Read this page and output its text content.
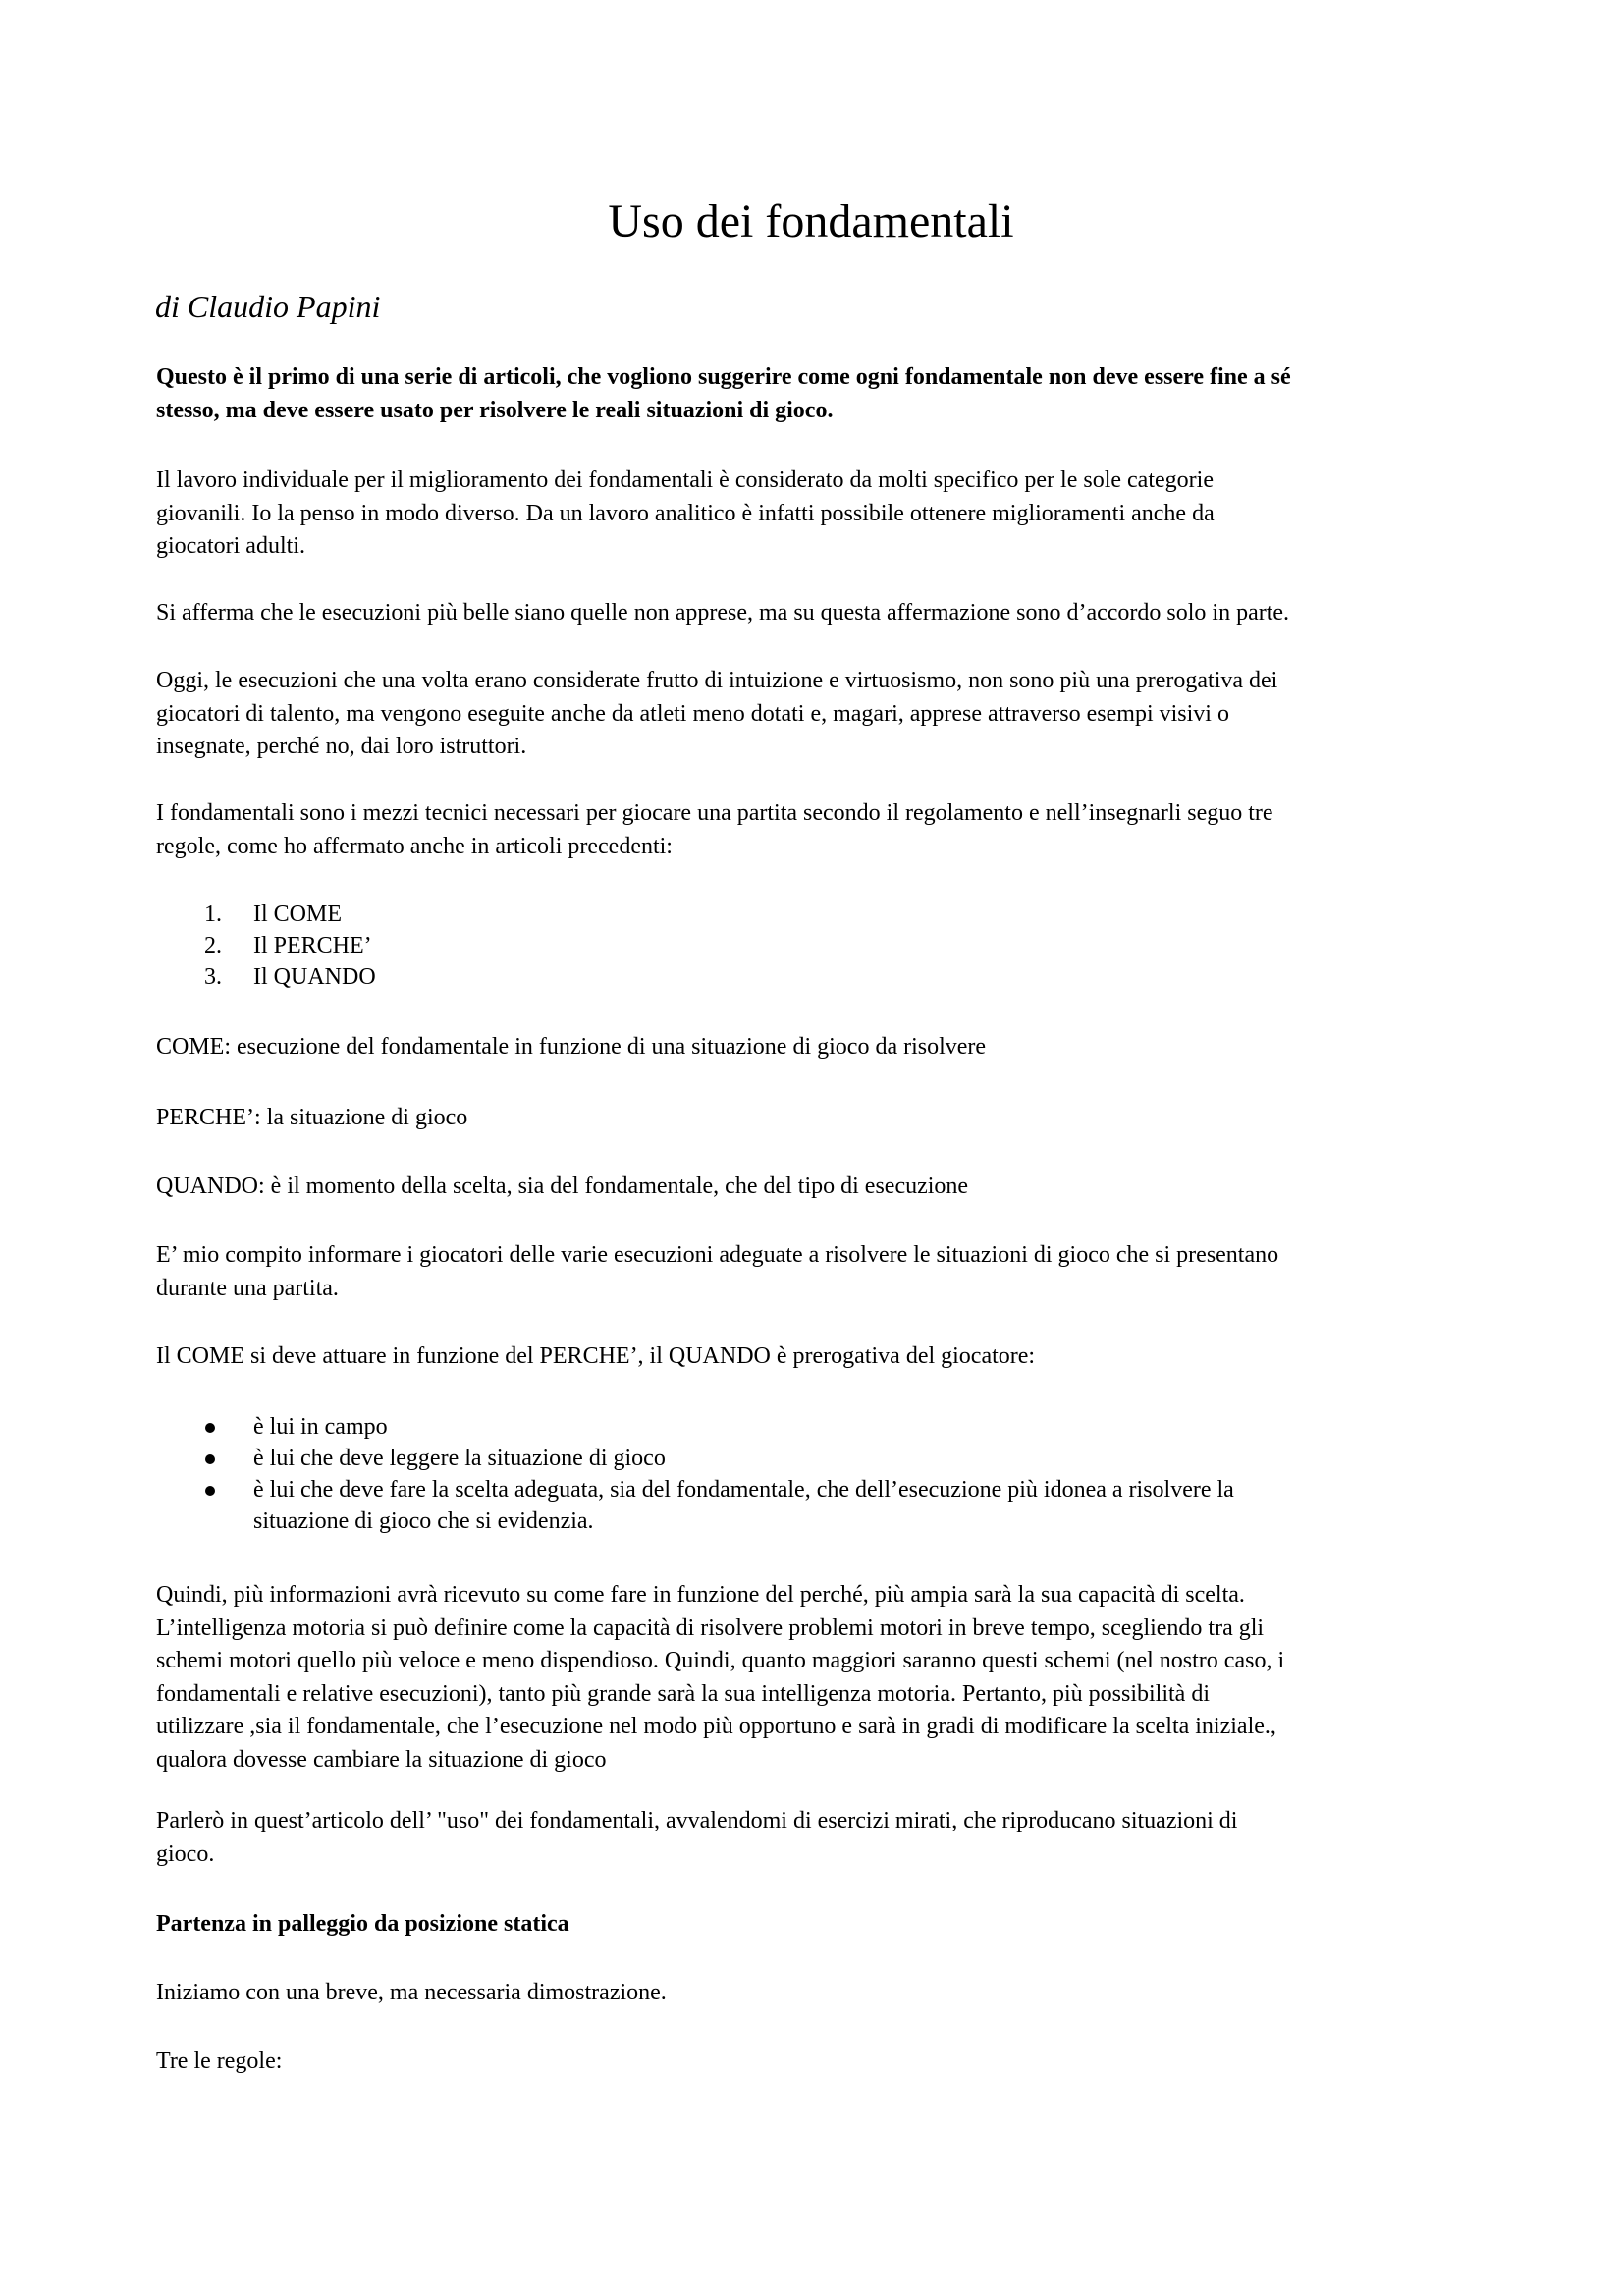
Uso dei fondamentali
di Claudio Papini
Questo è il primo di una serie di articoli, che vogliono suggerire come ogni fondamentale non deve essere fine a sé
stesso, ma deve essere usato per risolvere le reali situazioni di gioco.
Il lavoro individuale per il miglioramento dei fondamentali è considerato da molti specifico per le sole categorie
giovanili. Io la penso in modo diverso. Da un lavoro analitico è infatti possibile ottenere miglioramenti anche da
giocatori adulti.
Si afferma che le esecuzioni più belle siano quelle non apprese, ma su questa affermazione sono d’accordo solo in parte.
Oggi, le esecuzioni che una volta erano considerate frutto di intuizione e virtuosismo, non sono più una prerogativa dei
giocatori di talento, ma vengono eseguite anche da atleti meno dotati e, magari, apprese attraverso esempi visivi o
insegnate, perché no, dai loro istruttori.
I fondamentali sono i mezzi tecnici necessari per giocare una partita secondo il regolamento e nell’insegnarli seguo tre
regole, come ho affermato anche in articoli precedenti:
1. Il COME
2. Il PERCHE’
3. Il QUANDO
COME: esecuzione del fondamentale in funzione di una situazione di gioco da risolvere
PERCHE’: la situazione di gioco
QUANDO: è il momento della scelta, sia del fondamentale, che del tipo di esecuzione
E’ mio compito informare i giocatori delle varie esecuzioni adeguate a risolvere le situazioni di gioco che si presentano
durante una partita.
Il COME si deve attuare in funzione del PERCHE’, il QUANDO è prerogativa del giocatore:
è lui in campo
è lui che deve leggere la situazione di gioco
è lui che deve fare la scelta adeguata, sia del fondamentale, che dell’esecuzione più idonea a risolvere la
situazione di gioco che si evidenzia.
Quindi, più informazioni avrà ricevuto su come fare in funzione del perché, più ampia sarà la sua capacità di scelta.
L’intelligenza motoria si può definire come la capacità di risolvere problemi motori in breve tempo, scegliendo tra gli
schemi motori quello più veloce e meno dispendioso. Quindi, quanto maggiori saranno questi schemi (nel nostro caso, i
fondamentali e relative esecuzioni), tanto più grande sarà la sua intelligenza motoria. Pertanto, più possibilità di
utilizzare ,sia il fondamentale, che l’esecuzione nel modo più opportuno e sarà in gradi di modificare la scelta iniziale.,
qualora dovesse cambiare la situazione di gioco
Parlerò in quest’articolo dell’ "uso" dei fondamentali, avvalendomi di esercizi mirati, che riproducano situazioni di
gioco.
Partenza in palleggio da posizione statica
Iniziamo con una breve, ma necessaria dimostrazione.
Tre le regole:
